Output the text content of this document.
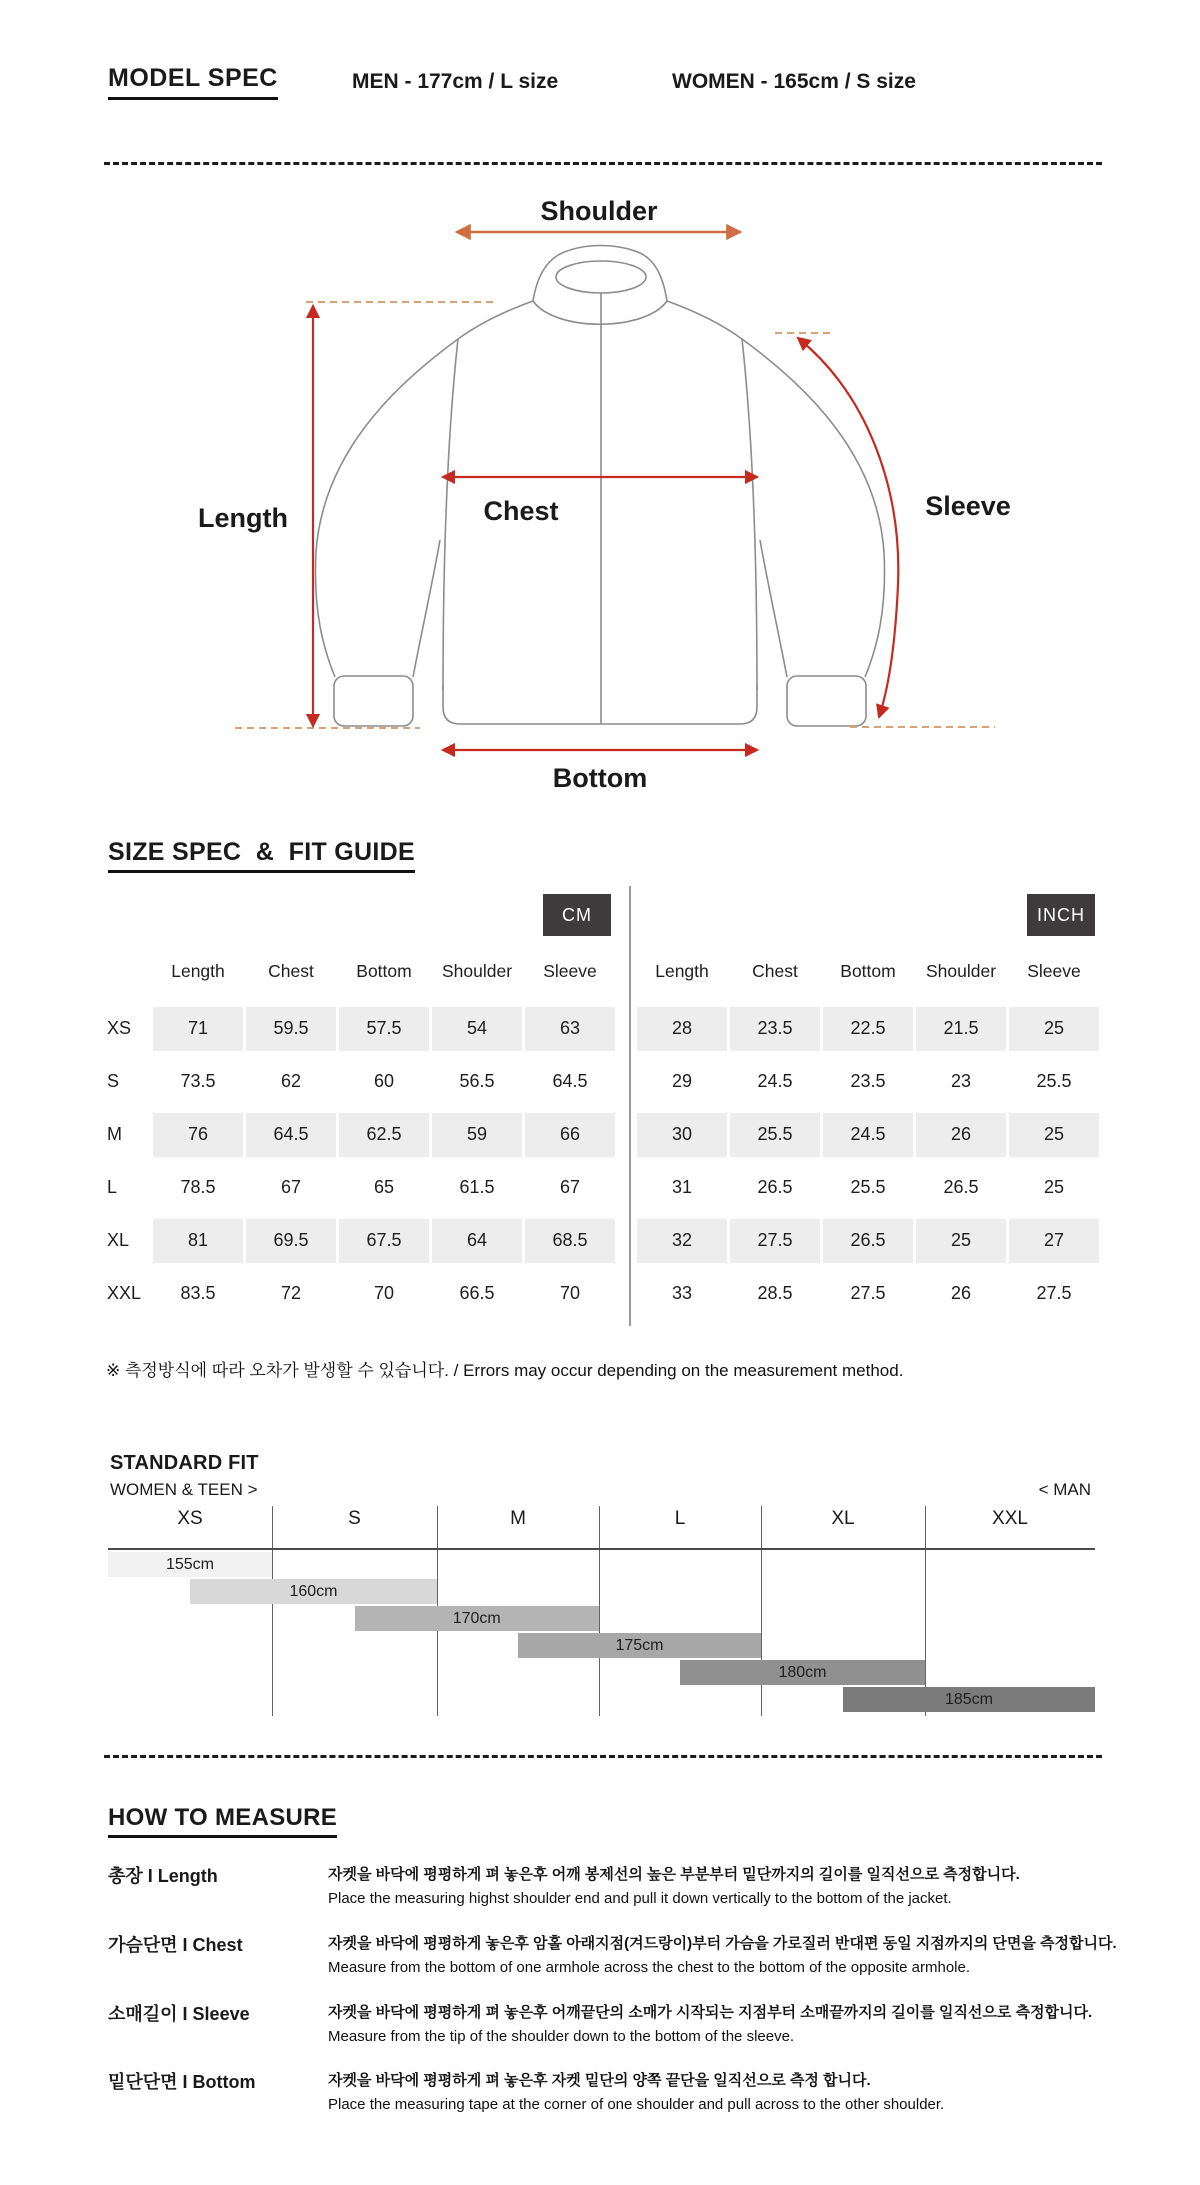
MODEL SPEC	MEN - 177cm / L size	WOMEN - 165cm / S size
Shoulder
Length	Chest	Sleeve
Bottom
SIZE SPEC  &  FIT GUIDE
CM	INCH
Length	Chest	Bottom	Shoulder	Sleeve
XS	71	59.5	57.5	54	63
S	73.5	62	60	56.5	64.5
M	76	64.5	62.5	59	66
L	78.5	67	65	61.5	67
XL	81	69.5	67.5	64	68.5
XXL	83.5	72	70	66.5	70
Length	Chest	Bottom	Shoulder	Sleeve
28	23.5	22.5	21.5	25
29	24.5	23.5	23	25.5
30	25.5	24.5	26	25
31	26.5	25.5	26.5	25
32	27.5	26.5	25	27
33	28.5	27.5	26	27.5
※ 측정방식에 따라 오차가 발생할 수 있습니다. / Errors may occur depending on the measurement method.
STANDARD FIT
WOMEN & TEEN >	< MAN
XS	S	M	L	XL	XXL
155cm
160cm
170cm
175cm
180cm
185cm
HOW TO MEASURE
총장 I Length	자켓을 바닥에 평평하게 펴 놓은후 어깨 봉제선의 높은 부분부터 밑단까지의 길이를 일직선으로 측정합니다.
Place the measuring highst shoulder end and pull it down vertically to the bottom of the jacket.
가슴단면 I Chest	자켓을 바닥에 평평하게 놓은후 암홀 아래지점(겨드랑이)부터 가슴을 가로질러 반대편 동일 지점까지의 단면을 측정합니다.
Measure from the bottom of one armhole across the chest to the bottom of the opposite armhole.
소매길이 I Sleeve	자켓을 바닥에 평평하게 펴 놓은후 어깨끝단의 소매가 시작되는 지점부터 소매끝까지의 길이를 일직선으로 측정합니다.
Measure from the tip of the shoulder down to the bottom of the sleeve.
밑단단면 I Bottom	자켓을 바닥에 평평하게 펴 놓은후 자켓 밑단의 양쪽 끝단을 일직선으로 측정 합니다.
Place the measuring tape at the corner of one shoulder and pull across to the other shoulder.
